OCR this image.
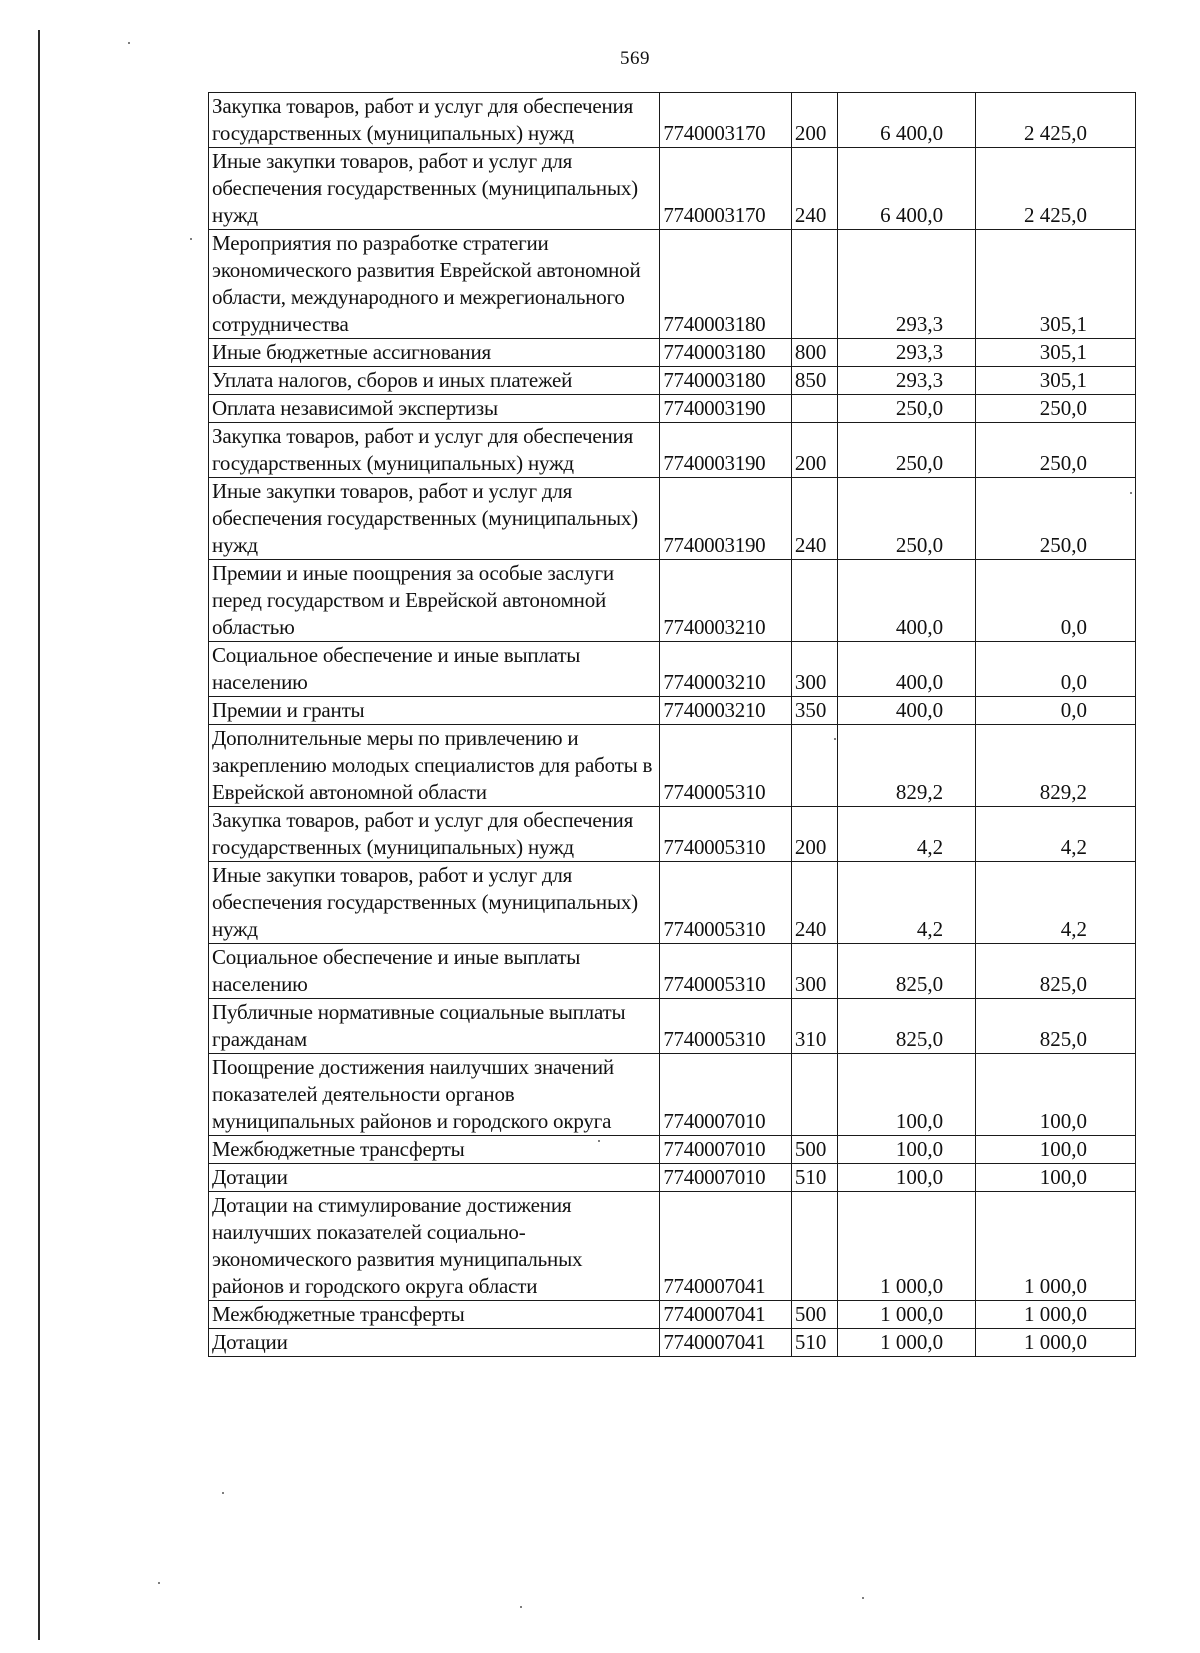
569
Закупка товаров, работ и услуг для обеспечения государственных (муниципальных) нужд	7740003170	200	6 400,0	2 425,0
Иные закупки товаров, работ и услуг для обеспечения государственных (муниципальных) нужд	7740003170	240	6 400,0	2 425,0
Мероприятия по разработке стратегии экономического развития Еврейской автономной области, международного и межрегионального сотрудничества	7740003180		293,3	305,1
Иные бюджетные ассигнования	7740003180	800	293,3	305,1
Уплата налогов, сборов и иных платежей	7740003180	850	293,3	305,1
Оплата независимой экспертизы	7740003190		250,0	250,0
Закупка товаров, работ и услуг для обеспечения государственных (муниципальных) нужд	7740003190	200	250,0	250,0
Иные закупки товаров, работ и услуг для обеспечения государственных (муниципальных) нужд	7740003190	240	250,0	250,0
Премии и иные поощрения за особые заслуги перед государством и Еврейской автономной областью	7740003210		400,0	0,0
Социальное обеспечение и иные выплаты населению	7740003210	300	400,0	0,0
Премии и гранты	7740003210	350	400,0	0,0
Дополнительные меры по привлечению и закреплению молодых специалистов для работы в Еврейской автономной области	7740005310		829,2	829,2
Закупка товаров, работ и услуг для обеспечения государственных (муниципальных) нужд	7740005310	200	4,2	4,2
Иные закупки товаров, работ и услуг для обеспечения государственных (муниципальных) нужд	7740005310	240	4,2	4,2
Социальное обеспечение и иные выплаты населению	7740005310	300	825,0	825,0
Публичные нормативные социальные выплаты гражданам	7740005310	310	825,0	825,0
Поощрение достижения наилучших значений показателей деятельности органов муниципальных районов и городского округа	7740007010		100,0	100,0
Межбюджетные трансферты	7740007010	500	100,0	100,0
Дотации	7740007010	510	100,0	100,0
Дотации на стимулирование достижения наилучших показателей социально-экономического развития муниципальных районов и городского округа области	7740007041		1 000,0	1 000,0
Межбюджетные трансферты	7740007041	500	1 000,0	1 000,0
Дотации	7740007041	510	1 000,0	1 000,0
